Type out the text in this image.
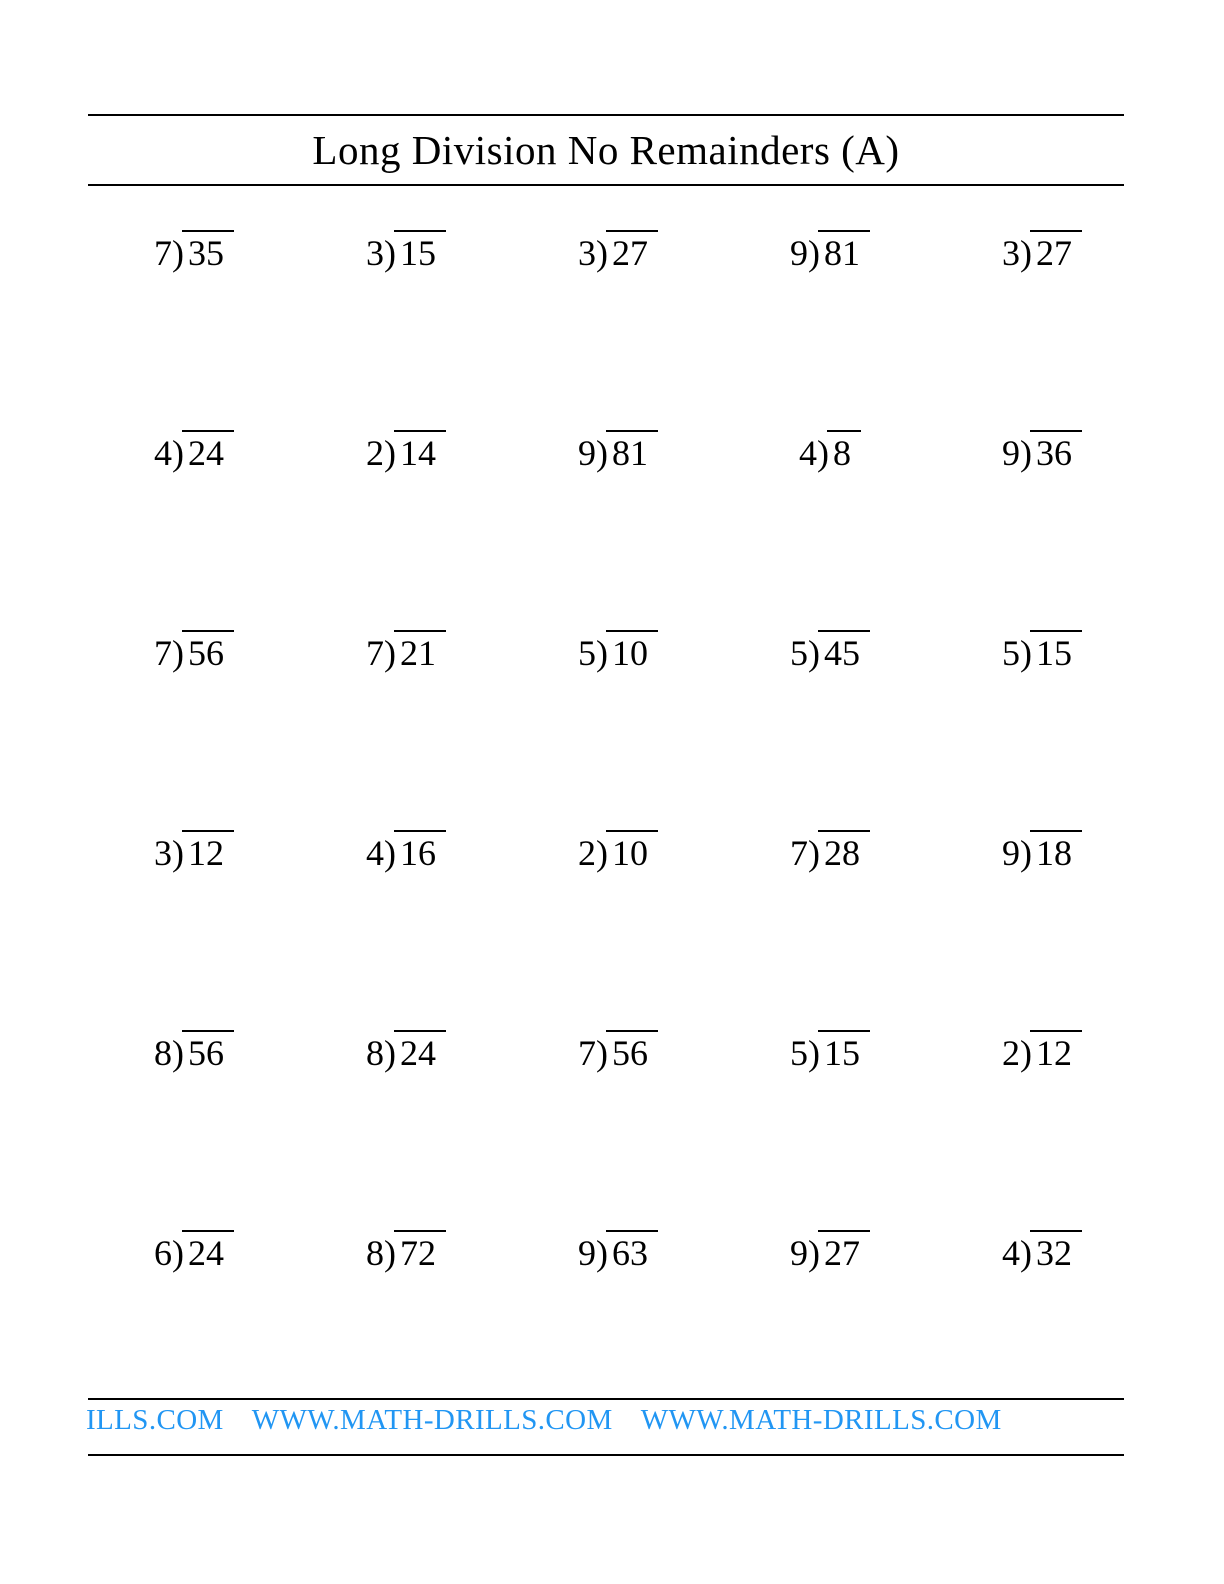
Long Division No Remainders (A)
7) 35	3) 15	3) 27	9) 81	3) 27
4) 24	2) 14	9) 81	4) 8	9) 36
7) 56	7) 21	5) 10	5) 45	5) 15
3) 12	4) 16	2) 10	7) 28	9) 18
8) 56	8) 24	7) 56	5) 15	2) 12
6) 24	8) 72	9) 63	9) 27	4) 32
ILLS.COM WWW.MATH-DRILLS.COM WWW.MATH-DRILLS.COM
